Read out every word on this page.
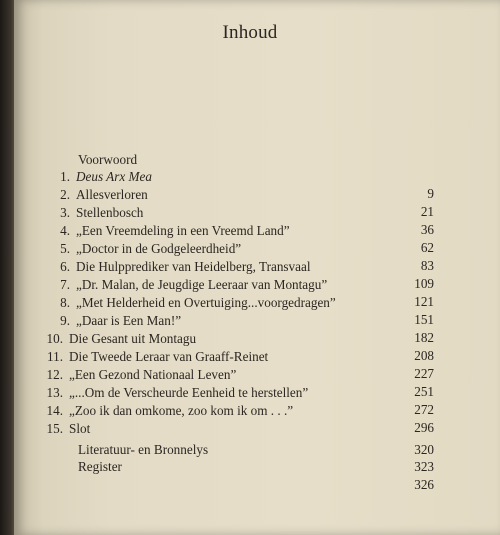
Inhoud
Voorwoord
1. Deus Arx Mea
2. Allesverloren
3. Stellenbosch
4. „Een Vreemdeling in een Vreemd Land”
5. „Doctor in de Godgeleerdheid”
6. Die Hulpprediker van Heidelberg, Transvaal
7. „Dr. Malan, de Jeugdige Leeraar van Montagu”
8. „Met Helderheid en Overtuiging...voorgedragen”
9. „Daar is Een Man!”
10. Die Gesant uit Montagu
11. Die Tweede Leraar van Graaff-Reinet
12. „Een Gezond Nationaal Leven”
13. „...Om de Verscheurde Eenheid te herstellen”
14. „Zoo ik dan omkome, zoo kom ik om . . .”
15. Slot
Literatuur- en Bronnelys
Register
9
21
36
62
83
109
121
151
182
208
227
251
272
296
320
323
326
